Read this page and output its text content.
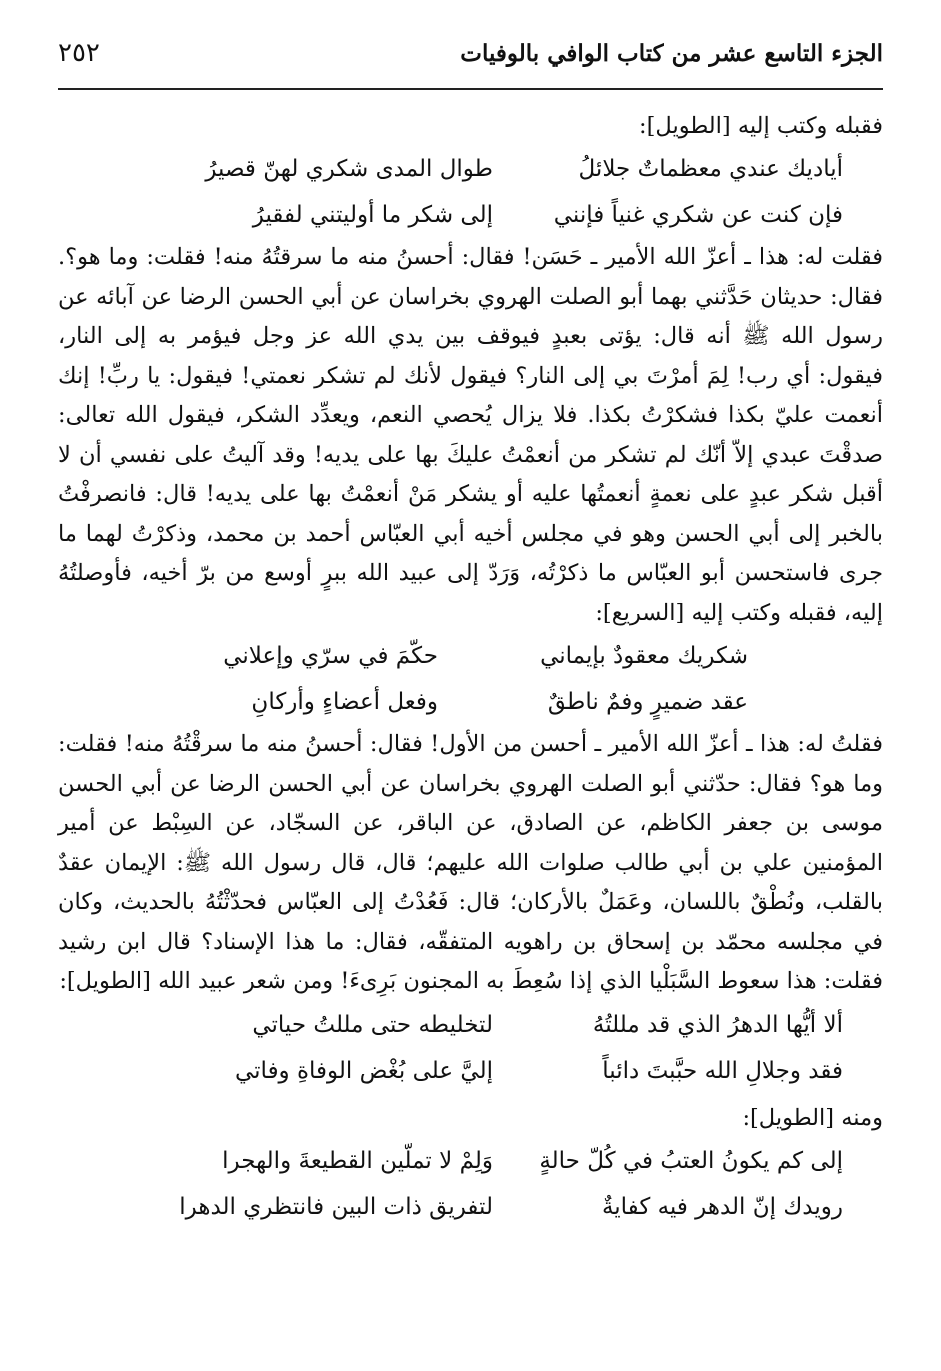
٢٥٢	الجزء التاسع عشر من كتاب الوافي بالوفيات

فقبله وكتب إليه [الطويل]:

أياديك عندي معظماتٌ جلائلُ
طوال المدى شكري لهنّ قصيرُ
فإن كنت عن شكري غنياً فإنني
إلى شكر ما أوليتني لفقيرُ

فقلت له: هذا ـ أعزّ الله الأمير ـ حَسَن! فقال: أحسنُ منه ما سرقتُهُ منه! فقلت: وما هو؟. فقال: حديثان حَدَّثني بهما أبو الصلت الهروي بخراسان عن أبي الحسن الرضا عن آبائه عن رسول الله ﷺ أنه قال: يؤتى بعبدٍ فيوقف بين يدي الله عز وجل فيؤمر به إلى النار، فيقول: أي رب! لِمَ أمرْتَ بي إلى النار؟ فيقول لأنك لم تشكر نعمتي! فيقول: يا ربِّ! إنك أنعمت عليّ بكذا فشكرْتُ بكذا. فلا يزال يُحصي النعم، ويعدِّد الشكر، فيقول الله تعالى: صدقْتَ عبدي إلاّ أنّك لم تشكر من أنعمْتُ عليكَ بها على يديه! وقد آليتُ على نفسي أن لا أقبل شكر عبدٍ على نعمةٍ أنعمتُها عليه أو يشكر مَنْ أنعمْتُ بها على يديه! قال: فانصرفْتُ بالخبر إلى أبي الحسن وهو في مجلس أخيه أبي العبّاس أحمد بن محمد، وذكرْتُ لهما ما جرى فاستحسن أبو العبّاس ما ذكرْتُه، وَرَدّ إلى عبيد الله ببرٍ أوسع من برّ أخيه، فأوصلتُهُ إليه، فقبله وكتب إليه [السريع]:

شكريك معقودٌ بإيماني
حكّمَ في سرّي وإعلاني
عقد ضميرٍ وفمٌ ناطقٌ
وفعل أعضاءٍ وأركانِ

فقلتُ له: هذا ـ أعزّ الله الأمير ـ أحسن من الأول! فقال: أحسنُ منه ما سرقْتُهُ منه! فقلت: وما هو؟ فقال: حدّثني أبو الصلت الهروي بخراسان عن أبي الحسن الرضا عن أبي الحسن موسى بن جعفر الكاظم، عن الصادق، عن الباقر، عن السجّاد، عن السِبْط عن أمير المؤمنين علي بن أبي طالب صلوات الله عليهم؛ قال، قال رسول الله ﷺ: الإيمان عقدٌ بالقلب، ونُطْقٌ باللسان، وعَمَلٌ بالأركان؛ قال: فَعُدْتُ إلى العبّاس فحدّثْتُهُ بالحديث، وكان في مجلسه محمّد بن إسحاق بن راهويه المتفقّه، فقال: ما هذا الإسناد؟ قال ابن رشيد فقلت: هذا سعوط السَّبَلْيا الذي إذا سُعِطَ به المجنون بَرِىءَ! ومن شعر عبيد الله [الطويل]:

ألا أيُّها الدهرُ الذي قد مللتُهُ
لتخليطه حتى مللتُ حياتي
فقد وجلالِ الله حبَّبتَ دائباً
إليَّ على بُغْض الوفاةِ وفاتي

ومنه [الطويل]:

إلى كم يكونُ العتبُ في كُلّ حالةٍ
وَلِمْ لا تملّين القطيعةَ والهجرا
رويدك إنّ الدهر فيه كفايةٌ
لتفريق ذات البين فانتظري الدهرا
